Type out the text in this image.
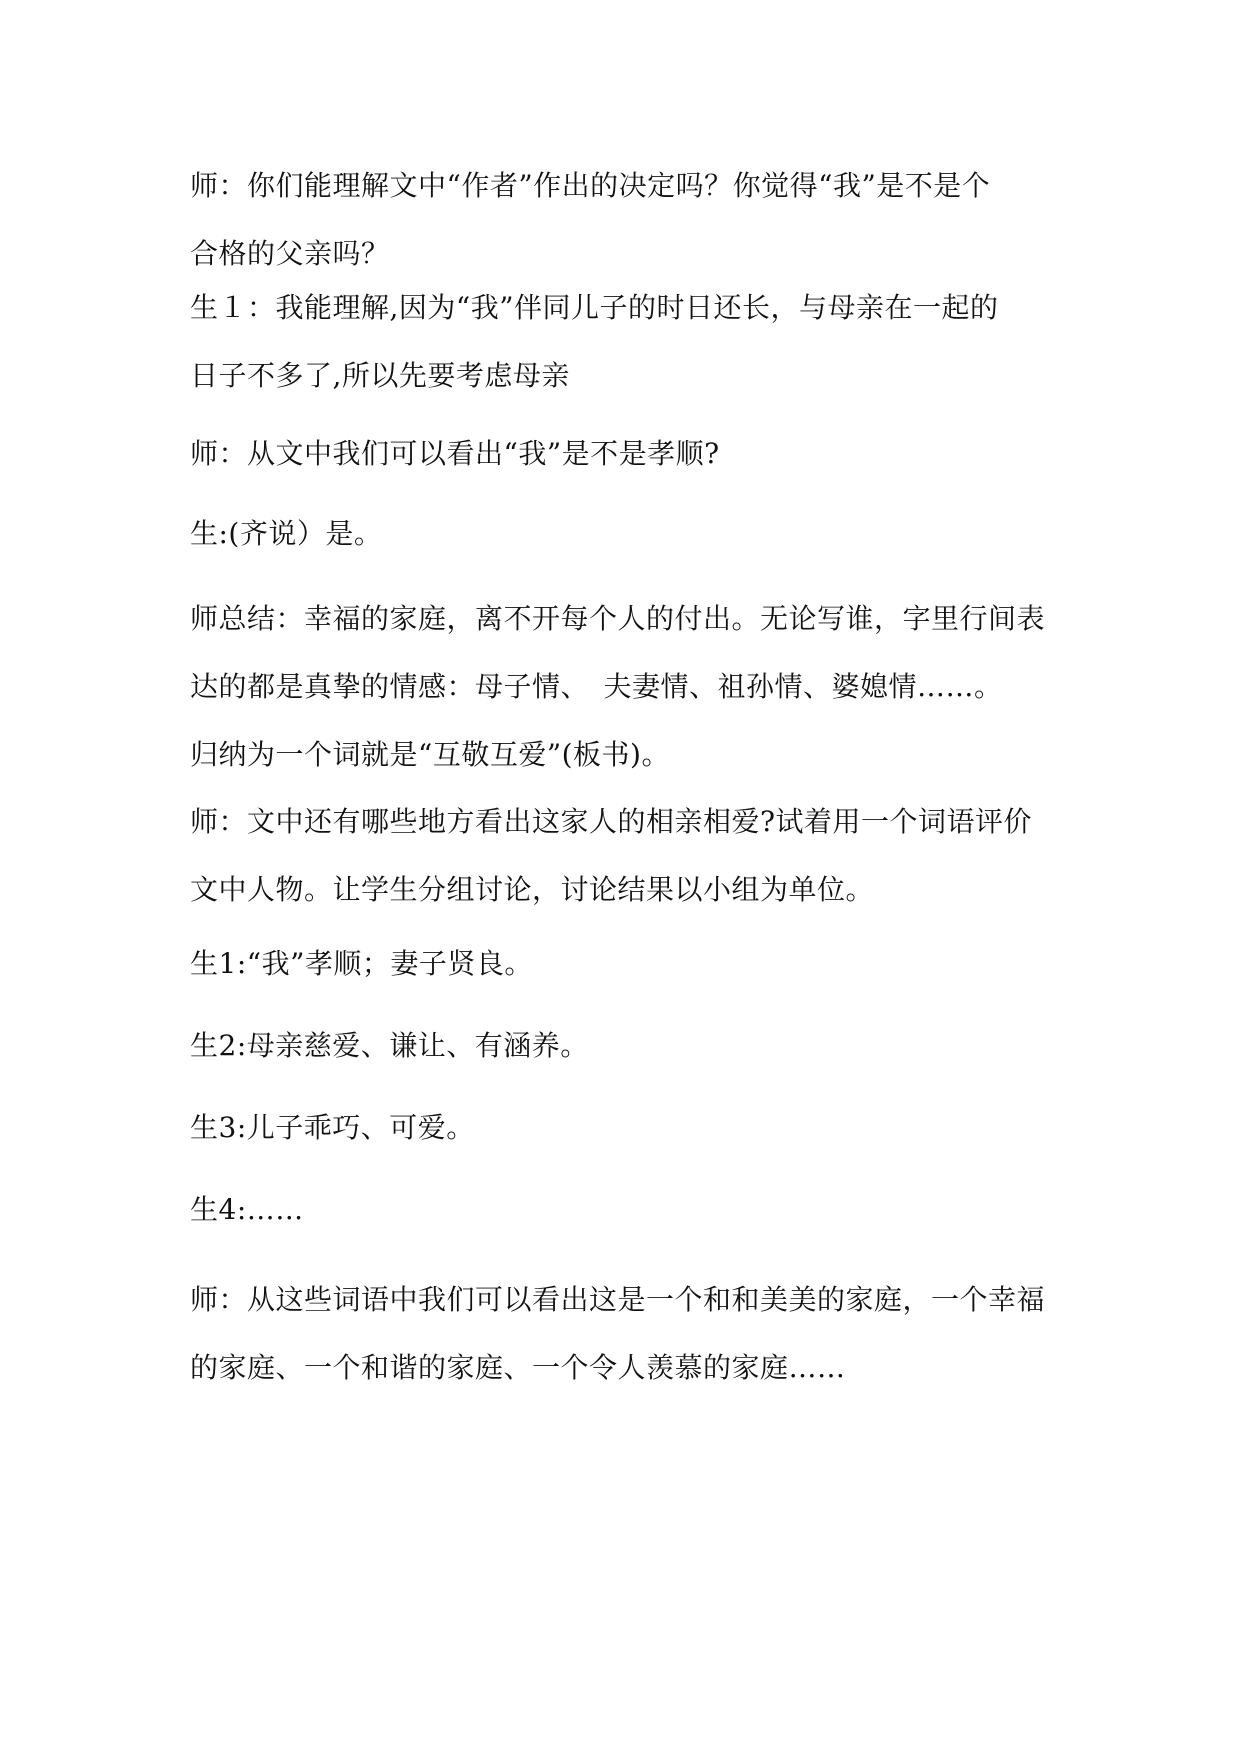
师：你们能理解文中“作者”作出的决定吗？你觉得“我”是不是个
合格的父亲吗？

生１：我能理解,因为“我”伴同儿子的时日还长，与母亲在一起的
日子不多了,所以先要考虑母亲

师：从文中我们可以看出“我”是不是孝顺?

生:(齐说）是。

师总结：幸福的家庭，离不开每个人的付出。无论写谁，字里行间表
达的都是真挚的情感：母子情、　夫妻情、祖孙情、婆媳情……。
归纳为一个词就是“互敬互爱”(板书)。

师：文中还有哪些地方看出这家人的相亲相爱?试着用一个词语评价
文中人物。让学生分组讨论，讨论结果以小组为单位。

生1:“我”孝顺；妻子贤良。

生2:母亲慈爱、谦让、有涵养。

生3:儿子乖巧、可爱。

生4:……

师：从这些词语中我们可以看出这是一个和和美美的家庭，一个幸福
的家庭、一个和谐的家庭、一个令人羡慕的家庭……
